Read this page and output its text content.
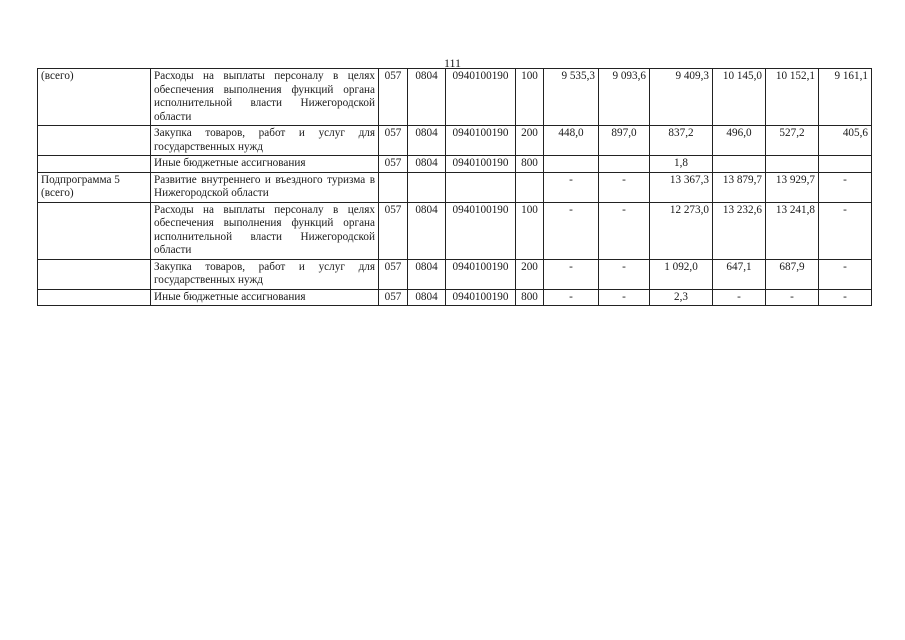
111
(всего)	Расходы на выплаты персоналу в целях обеспечения выполнения функций органа исполнительной власти Нижегородской области	057	0804	0940100190	100	9 535,3	9 093,6	9 409,3	10 145,0	10 152,1	9 161,1
	Закупка товаров, работ и услуг для государственных нужд	057	0804	0940100190	200	448,0	897,0	837,2	496,0	527,2	405,6
	Иные бюджетные ассигнования	057	0804	0940100190	800			1,8			
Подпрограмма 5 (всего)	Развитие внутреннего и въездного туризма в Нижегородской области					-	-	13 367,3	13 879,7	13 929,7	-
	Расходы на выплаты персоналу в целях обеспечения выполнения функций органа исполнительной власти Нижегородской области	057	0804	0940100190	100	-	-	12 273,0	13 232,6	13 241,8	-
	Закупка товаров, работ и услуг для государственных нужд	057	0804	0940100190	200	-	-	1 092,0	647,1	687,9	-
	Иные бюджетные ассигнования	057	0804	0940100190	800	-	-	2,3	-	-	-
